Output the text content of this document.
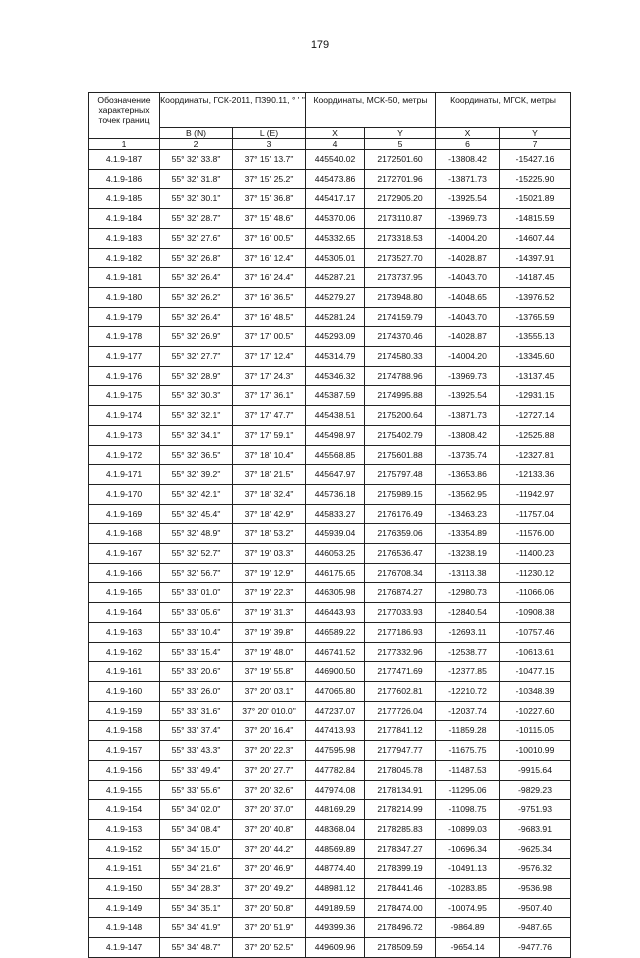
179
Обозначение характерных точек границ	Координаты, ГСК-2011, ПЗ90.11, ° ' "		Координаты, МСК-50, метры		Координаты, МГСК, метры	
	B (N)	L (E)	X	Y	X	Y
1	2	3	4	5	6	7
4.1.9-187	55° 32' 33.8"	37° 15' 13.7"	445540.02	2172501.60	-13808.42	-15427.16
4.1.9-186	55° 32' 31.8"	37° 15' 25.2"	445473.86	2172701.96	-13871.73	-15225.90
4.1.9-185	55° 32' 30.1"	37° 15' 36.8"	445417.17	2172905.20	-13925.54	-15021.89
4.1.9-184	55° 32' 28.7"	37° 15' 48.6"	445370.06	2173110.87	-13969.73	-14815.59
4.1.9-183	55° 32' 27.6"	37° 16' 00.5"	445332.65	2173318.53	-14004.20	-14607.44
4.1.9-182	55° 32' 26.8"	37° 16' 12.4"	445305.01	2173527.70	-14028.87	-14397.91
4.1.9-181	55° 32' 26.4"	37° 16' 24.4"	445287.21	2173737.95	-14043.70	-14187.45
4.1.9-180	55° 32' 26.2"	37° 16' 36.5"	445279.27	2173948.80	-14048.65	-13976.52
4.1.9-179	55° 32' 26.4"	37° 16' 48.5"	445281.24	2174159.79	-14043.70	-13765.59
4.1.9-178	55° 32' 26.9"	37° 17' 00.5"	445293.09	2174370.46	-14028.87	-13555.13
4.1.9-177	55° 32' 27.7"	37° 17' 12.4"	445314.79	2174580.33	-14004.20	-13345.60
4.1.9-176	55° 32' 28.9"	37° 17' 24.3"	445346.32	2174788.96	-13969.73	-13137.45
4.1.9-175	55° 32' 30.3"	37° 17' 36.1"	445387.59	2174995.88	-13925.54	-12931.15
4.1.9-174	55° 32' 32.1"	37° 17' 47.7"	445438.51	2175200.64	-13871.73	-12727.14
4.1.9-173	55° 32' 34.1"	37° 17' 59.1"	445498.97	2175402.79	-13808.42	-12525.88
4.1.9-172	55° 32' 36.5"	37° 18' 10.4"	445568.85	2175601.88	-13735.74	-12327.81
4.1.9-171	55° 32' 39.2"	37° 18' 21.5"	445647.97	2175797.48	-13653.86	-12133.36
4.1.9-170	55° 32' 42.1"	37° 18' 32.4"	445736.18	2175989.15	-13562.95	-11942.97
4.1.9-169	55° 32' 45.4"	37° 18' 42.9"	445833.27	2176176.49	-13463.23	-11757.04
4.1.9-168	55° 32' 48.9"	37° 18' 53.2"	445939.04	2176359.06	-13354.89	-11576.00
4.1.9-167	55° 32' 52.7"	37° 19' 03.3"	446053.25	2176536.47	-13238.19	-11400.23
4.1.9-166	55° 32' 56.7"	37° 19' 12.9"	446175.65	2176708.34	-13113.38	-11230.12
4.1.9-165	55° 33' 01.0"	37° 19' 22.3"	446305.98	2176874.27	-12980.73	-11066.06
4.1.9-164	55° 33' 05.6"	37° 19' 31.3"	446443.93	2177033.93	-12840.54	-10908.38
4.1.9-163	55° 33' 10.4"	37° 19' 39.8"	446589.22	2177186.93	-12693.11	-10757.46
4.1.9-162	55° 33' 15.4"	37° 19' 48.0"	446741.52	2177332.96	-12538.77	-10613.61
4.1.9-161	55° 33' 20.6"	37° 19' 55.8"	446900.50	2177471.69	-12377.85	-10477.15
4.1.9-160	55° 33' 26.0"	37° 20' 03.1"	447065.80	2177602.81	-12210.72	-10348.39
4.1.9-159	55° 33' 31.6"	37° 20' 010.0"	447237.07	2177726.04	-12037.74	-10227.60
4.1.9-158	55° 33' 37.4"	37° 20' 16.4"	447413.93	2177841.12	-11859.28	-10115.05
4.1.9-157	55° 33' 43.3"	37° 20' 22.3"	447595.98	2177947.77	-11675.75	-10010.99
4.1.9-156	55° 33' 49.4"	37° 20' 27.7"	447782.84	2178045.78	-11487.53	-9915.64
4.1.9-155	55° 33' 55.6"	37° 20' 32.6"	447974.08	2178134.91	-11295.06	-9829.23
4.1.9-154	55° 34' 02.0"	37° 20' 37.0"	448169.29	2178214.99	-11098.75	-9751.93
4.1.9-153	55° 34' 08.4"	37° 20' 40.8"	448368.04	2178285.83	-10899.03	-9683.91
4.1.9-152	55° 34' 15.0"	37° 20' 44.2"	448569.89	2178347.27	-10696.34	-9625.34
4.1.9-151	55° 34' 21.6"	37° 20' 46.9"	448774.40	2178399.19	-10491.13	-9576.32
4.1.9-150	55° 34' 28.3"	37° 20' 49.2"	448981.12	2178441.46	-10283.85	-9536.98
4.1.9-149	55° 34' 35.1"	37° 20' 50.8"	449189.59	2178474.00	-10074.95	-9507.40
4.1.9-148	55° 34' 41.9"	37° 20' 51.9"	449399.36	2178496.72	-9864.89	-9487.65
4.1.9-147	55° 34' 48.7"	37° 20' 52.5"	449609.96	2178509.59	-9654.14	-9477.76
